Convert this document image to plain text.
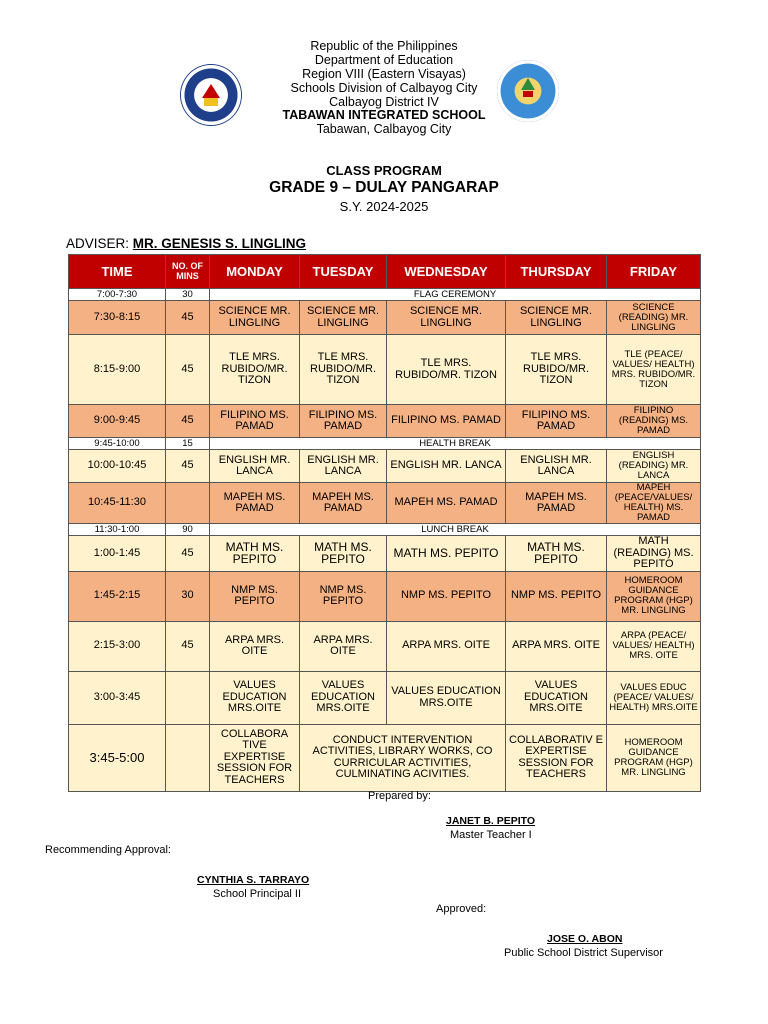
Republic of the Philippines
Department of Education
Region VIII (Eastern Visayas)
Schools Division of Calbayog City
Calbayog District IV
TABAWAN INTEGRATED SCHOOL
Tabawan, Calbayog City
CLASS PROGRAM
GRADE 9 – DULAY PANGARAP
S.Y. 2024-2025
ADVISER: MR. GENESIS S. LINGLING
TIME	NO. OF MINS	MONDAY	TUESDAY	WEDNESDAY	THURSDAY	FRIDAY
7:00-7:30	30	FLAG CEREMONY				
7:30-8:15	45	SCIENCE MR. LINGLING	SCIENCE MR. LINGLING	SCIENCE MR. LINGLING	SCIENCE MR. LINGLING	SCIENCE (READING) MR. LINGLING
8:15-9:00	45	TLE MRS. RUBIDO/MR. TIZON	TLE MRS. RUBIDO/MR. TIZON	TLE MRS. RUBIDO/MR. TIZON	TLE MRS. RUBIDO/MR. TIZON	TLE (PEACE/ VALUES/ HEALTH) MRS. RUBIDO/MR. TIZON
9:00-9:45	45	FILIPINO MS. PAMAD	FILIPINO MS. PAMAD	FILIPINO MS. PAMAD	FILIPINO MS. PAMAD	FILIPINO (READING) MS. PAMAD
9:45-10:00	15	HEALTH BREAK				
10:00-10:45	45	ENGLISH MR. LANCA	ENGLISH MR. LANCA	ENGLISH MR. LANCA	ENGLISH MR. LANCA	ENGLISH (READING) MR. LANCA
10:45-11:30		MAPEH MS. PAMAD	MAPEH MS. PAMAD	MAPEH MS. PAMAD	MAPEH MS. PAMAD	MAPEH (PEACE/VALUES/ HEALTH) MS. PAMAD
11:30-1:00	90	LUNCH BREAK				
1:00-1:45	45	MATH MS. PEPITO	MATH MS. PEPITO	MATH MS. PEPITO	MATH MS. PEPITO	MATH (READING) MS. PEPITO
1:45-2:15	30	NMP MS. PEPITO	NMP MS. PEPITO	NMP MS. PEPITO	NMP MS. PEPITO	HOMEROOM GUIDANCE PROGRAM (HGP) MR. LINGLING
2:15-3:00	45	ARPA MRS. OITE	ARPA MRS. OITE	ARPA MRS. OITE	ARPA MRS. OITE	ARPA (PEACE/ VALUES/ HEALTH) MRS. OITE
3:00-3:45		VALUES EDUCATION MRS.OITE	VALUES EDUCATION MRS.OITE	VALUES EDUCATION MRS.OITE	VALUES EDUCATION MRS.OITE	VALUES EDUC (PEACE/ VALUES/ HEALTH) MRS.OITE
3:45-5:00		COLLABORA TIVE EXPERTISE SESSION FOR TEACHERS	CONDUCT INTERVENTION ACTIVITIES, LIBRARY WORKS, CO CURRICULAR ACTIVITIES, CULMINATING ACIVITIES.		COLLABORATIV E EXPERTISE SESSION FOR TEACHERS	HOMEROOM GUIDANCE PROGRAM (HGP) MR. LINGLING
Prepared by:
JANET B. PEPITO
Master Teacher I
Recommending Approval:
CYNTHIA S. TARRAYO
School Principal II
Approved:
JOSE O. ABON
Public School District Supervisor
